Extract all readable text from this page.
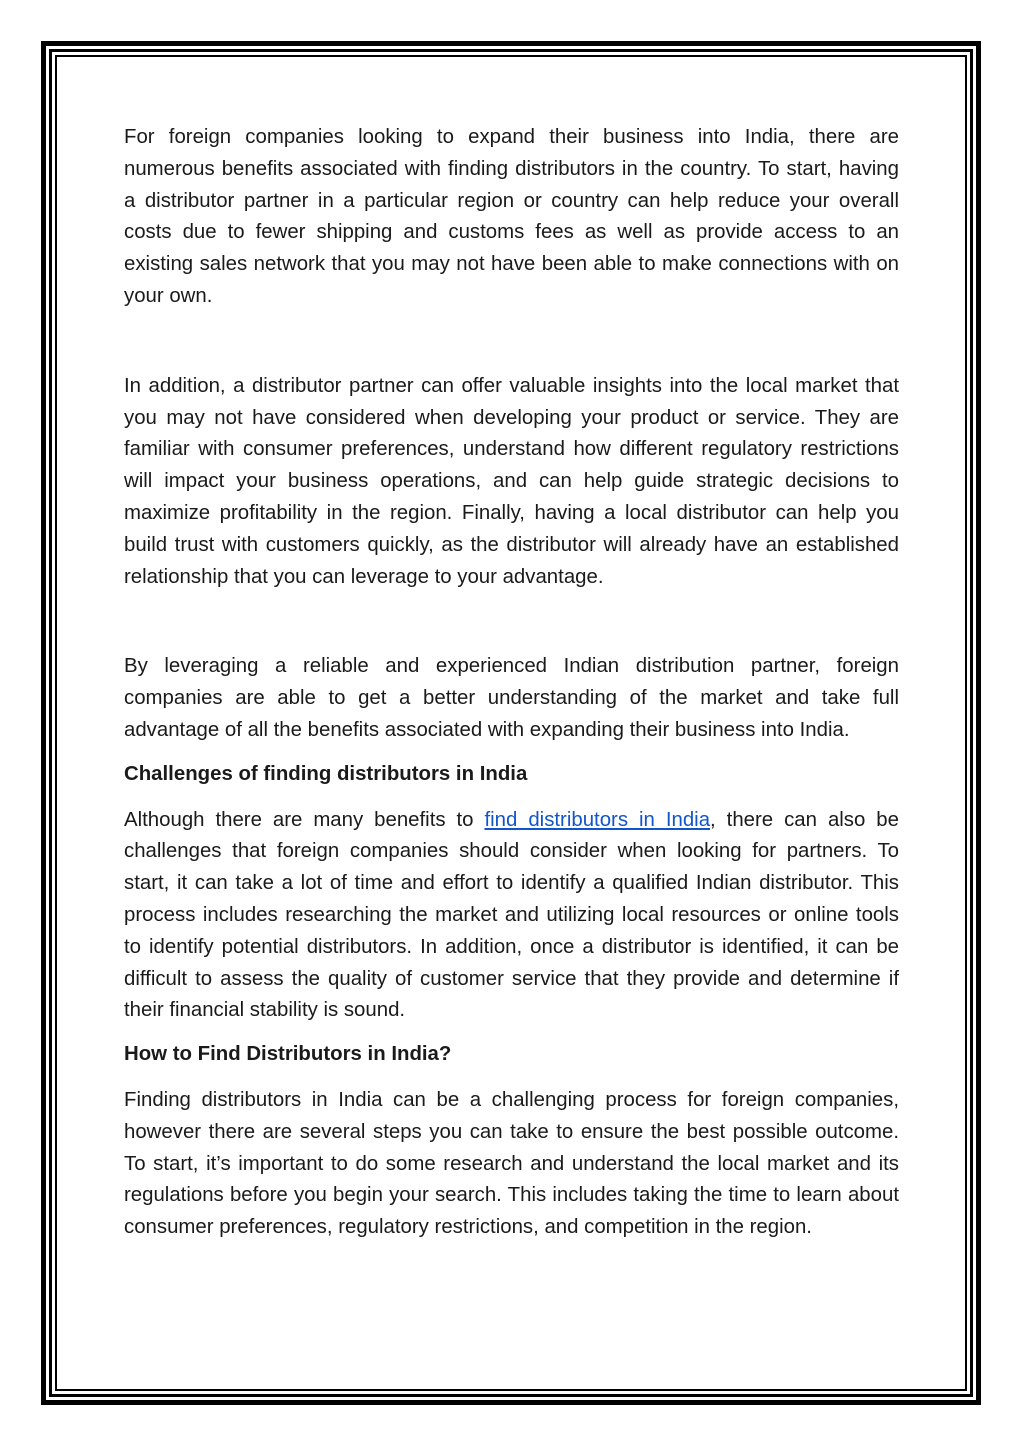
For foreign companies looking to expand their business into India, there are numerous benefits associated with finding distributors in the country. To start, having a distributor partner in a particular region or country can help reduce your overall costs due to fewer shipping and customs fees as well as provide access to an existing sales network that you may not have been able to make connections with on your own.

In addition, a distributor partner can offer valuable insights into the local market that you may not have considered when developing your product or service. They are familiar with consumer preferences, understand how different regulatory restrictions will impact your business operations, and can help guide strategic decisions to maximize profitability in the region. Finally, having a local distributor can help you build trust with customers quickly, as the distributor will already have an established relationship that you can leverage to your advantage.

By leveraging a reliable and experienced Indian distribution partner, foreign companies are able to get a better understanding of the market and take full advantage of all the benefits associated with expanding their business into India.

Challenges of finding distributors in India

Although there are many benefits to find distributors in India, there can also be challenges that foreign companies should consider when looking for partners. To start, it can take a lot of time and effort to identify a qualified Indian distributor. This process includes researching the market and utilizing local resources or online tools to identify potential distributors. In addition, once a distributor is identified, it can be difficult to assess the quality of customer service that they provide and determine if their financial stability is sound.

How to Find Distributors in India?

Finding distributors in India can be a challenging process for foreign companies, however there are several steps you can take to ensure the best possible outcome. To start, it’s important to do some research and understand the local market and its regulations before you begin your search. This includes taking the time to learn about consumer preferences, regulatory restrictions, and competition in the region.
